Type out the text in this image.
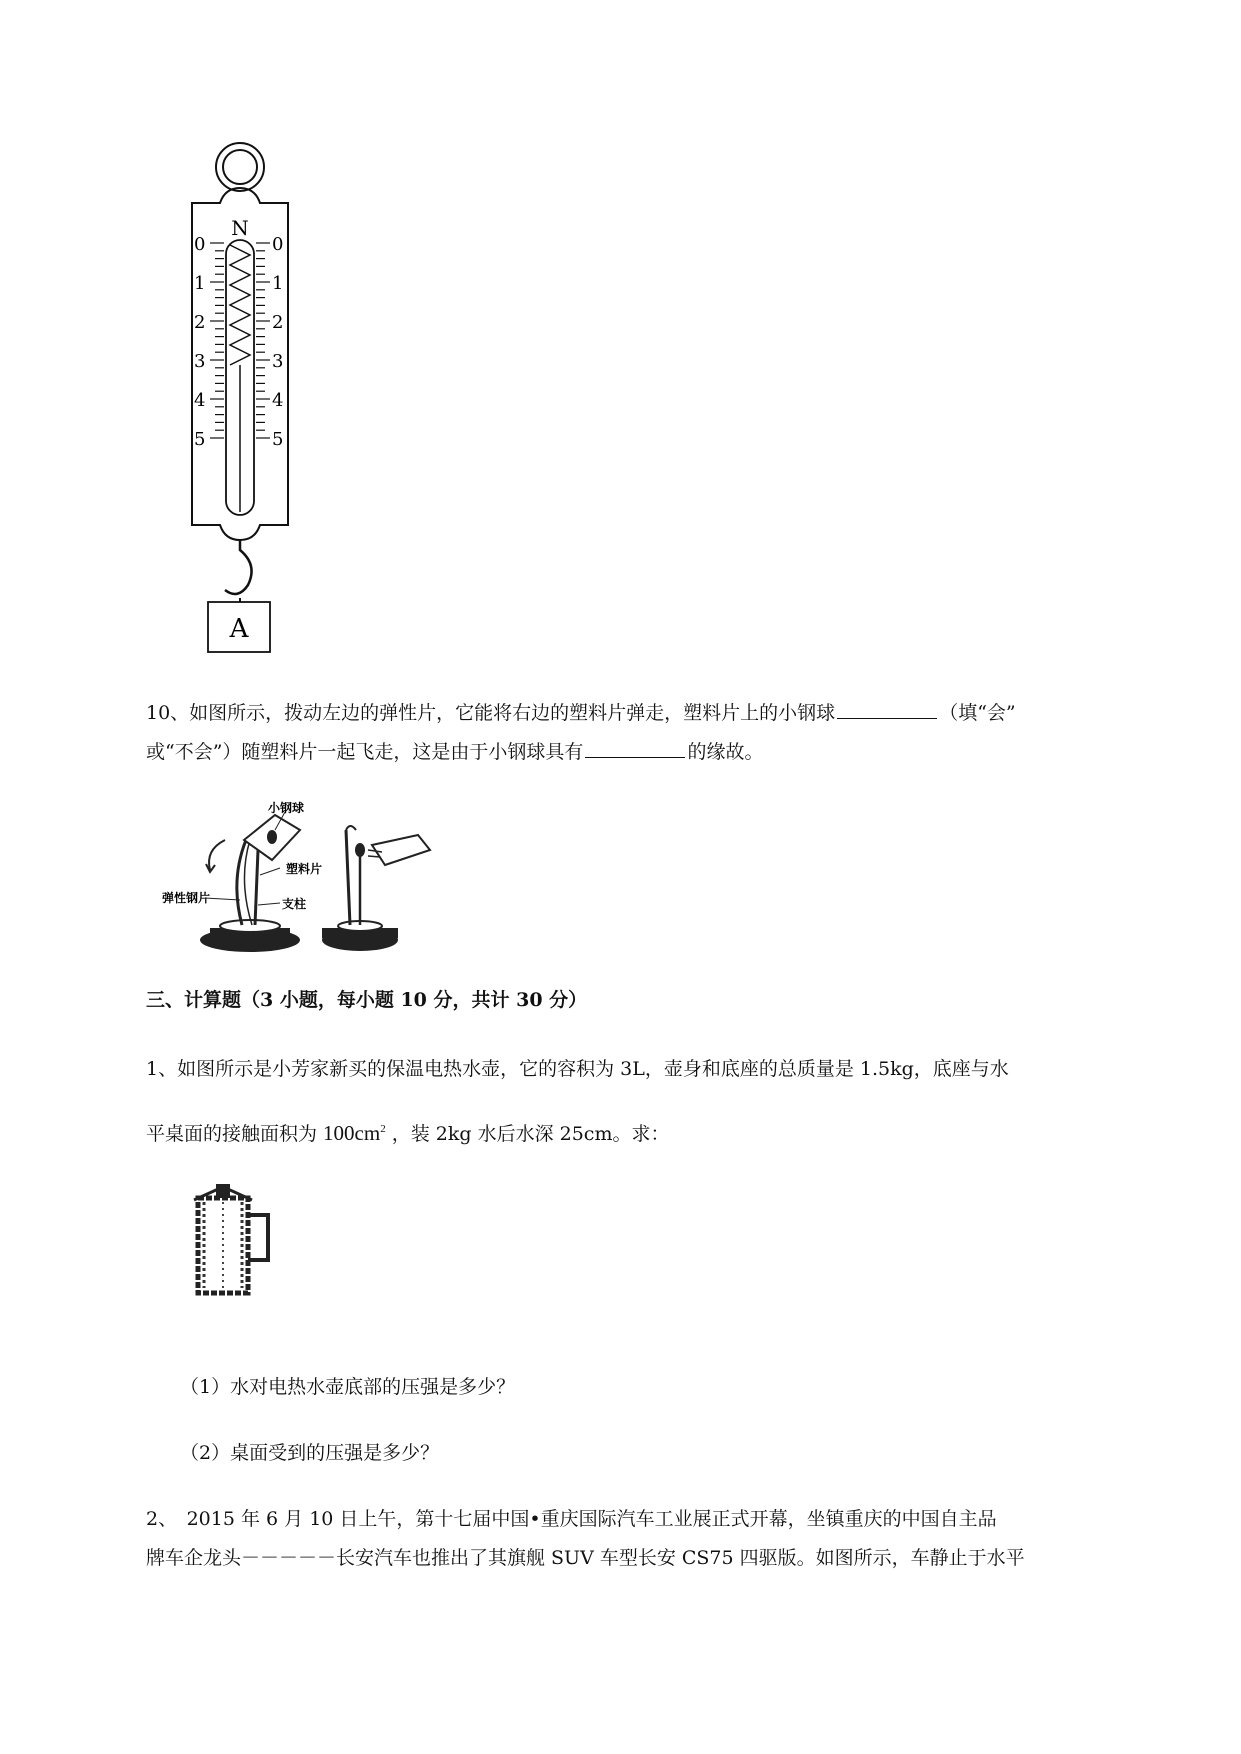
N
0
1
2
3
4
5
0
1
2
3
4
5
A
10、如图所示，拨动左边的弹性片，它能将右边的塑料片弹走，塑料片上的小钢球	（填“会”
或“不会”）随塑料片一起飞走，这是由于小钢球具有	的缘故。
小钢球
塑料片
弹性钢片	支柱
三、计算题（3 小题，每小题 10 分，共计 30 分）
1、如图所示是小芳家新买的保温电热水壶，它的容积为 3L，壶身和底座的总质量是 1.5kg，底座与水
平桌面的接触面积为 $100cm^2$ ，装 2kg 水后水深 25cm。求：
（1）水对电热水壶底部的压强是多少？
（2）桌面受到的压强是多少？
2、　2015 年 6 月 10 日上午，第十七届中国•重庆国际汽车工业展正式开幕，坐镇重庆的中国自主品
牌车企龙头－－－－－长安汽车也推出了其旗舰 SUV 车型长安 CS75 四驱版。如图所示，车静止于水平
